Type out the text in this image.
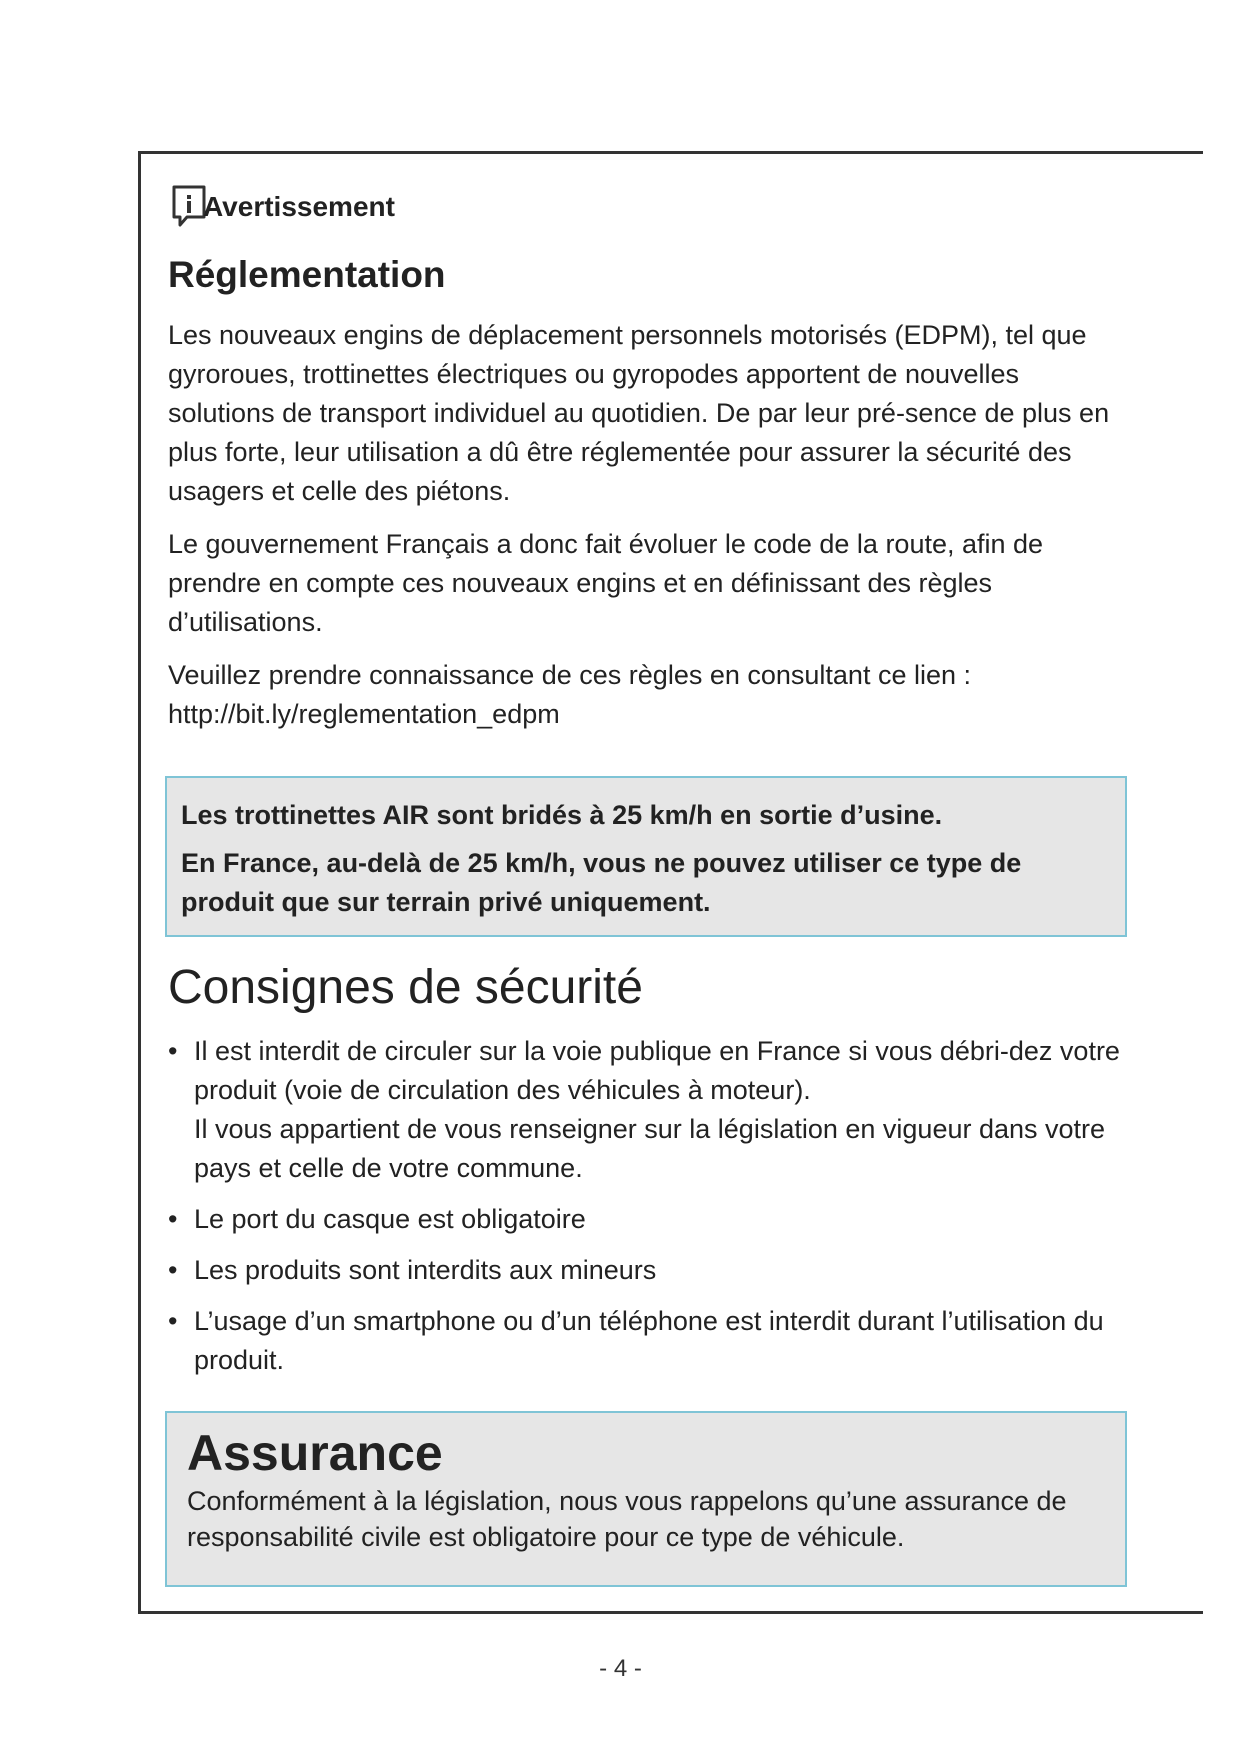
Avertissement
Réglementation

Les nouveaux engins de déplacement personnels motorisés (EDPM), tel que gyroroues, trottinettes électriques ou gyropodes apportent de nouvelles solutions de transport individuel au quotidien. De par leur pré-sence de plus en plus forte, leur utilisation a dû être réglementée pour assurer la sécurité des usagers et celle des piétons.

Le gouvernement Français a donc fait évoluer le code de la route, afin de prendre en compte ces nouveaux engins et en définissant des règles d’utilisations.

Veuillez prendre connaissance de ces règles en consultant ce lien :
http://bit.ly/reglementation_edpm

Les trottinettes AIR sont bridés à 25 km/h en sortie d’usine.

En France, au-delà de 25 km/h, vous ne pouvez utiliser ce type de produit que sur terrain privé uniquement.

Consignes de sécurité
• Il est interdit de circuler sur la voie publique en France si vous débri-dez votre produit (voie de circulation des véhicules à moteur).
Il vous appartient de vous renseigner sur la législation en vigueur dans votre pays et celle de votre commune.
• Le port du casque est obligatoire
• Les produits sont interdits aux mineurs
• L’usage d’un smartphone ou d’un téléphone est interdit durant l’utilisation du produit.
Assurance

Conformément à la législation, nous vous rappelons qu’une assurance de responsabilité civile est obligatoire pour ce type de véhicule.

- 4 -
